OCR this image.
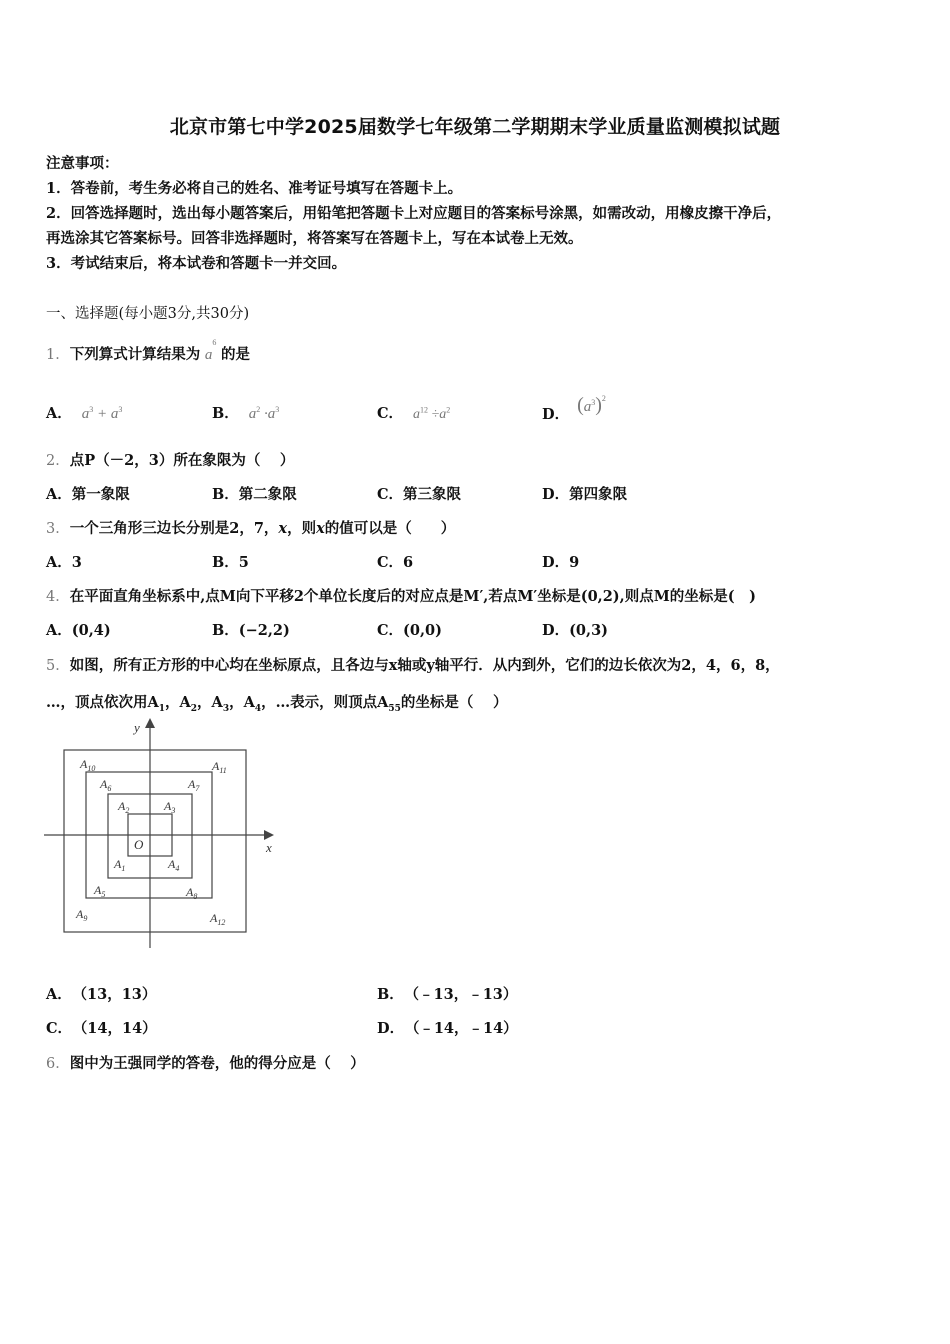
北京市第七中学2025届数学七年级第二学期期末学业质量监测模拟试题
注意事项：
1．答卷前，考生务必将自己的姓名、准考证号填写在答题卡上。
2．回答选择题时，选出每小题答案后，用铅笔把答题卡上对应题目的答案标号涂黑，如需改动，用橡皮擦干净后，
再选涂其它答案标号。回答非选择题时，将答案写在答题卡上，写在本试卷上无效。
3．考试结束后，将本试卷和答题卡一并交回。
一、选择题(每小题3分,共30分)
1．下列算式计算结果为 $a^6$ 的是
A． $a^3 + a^3$	B． $a^2 \cdot a^3$	C． $a^{12} \div a^2$	D． $(a^3)^2$
2．点P（－2，3）所在象限为（　 ）
A．第一象限	B．第二象限	C．第三象限	D．第四象限
3．一个三角形三边长分别是2，7，x，则x的值可以是（　　）
A．3	B．5	C．6	D．9
4．在平面直角坐标系中,点M向下平移2个单位长度后的对应点是M′,若点M′坐标是(0,2),则点M的坐标是(　)
A．(0,4)	B．(−2,2)	C．(0,0)	D．(0,3)
5．如图，所有正方形的中心均在坐标原点，且各边与x轴或y轴平行．从内到外，它们的边长依次为2，4，6，8，
…，顶点依次用$A_1$，$A_2$，$A_3$，$A_4$，…表示，则顶点$A_{55}$的坐标是（　 ）
y
x
O
$A_1$
$A_2$	$A_3$
$A_4$
$A_5$
$A_6$	$A_7$
$A_8$
$A_9$
$A_{10}$	$A_{11}$
$A_{12}$
A． （13，13）	B． （﹣13，﹣13）
C． （14，14）	D． （﹣14，﹣14）
6．图中为王强同学的答卷，他的得分应是（　 ）
